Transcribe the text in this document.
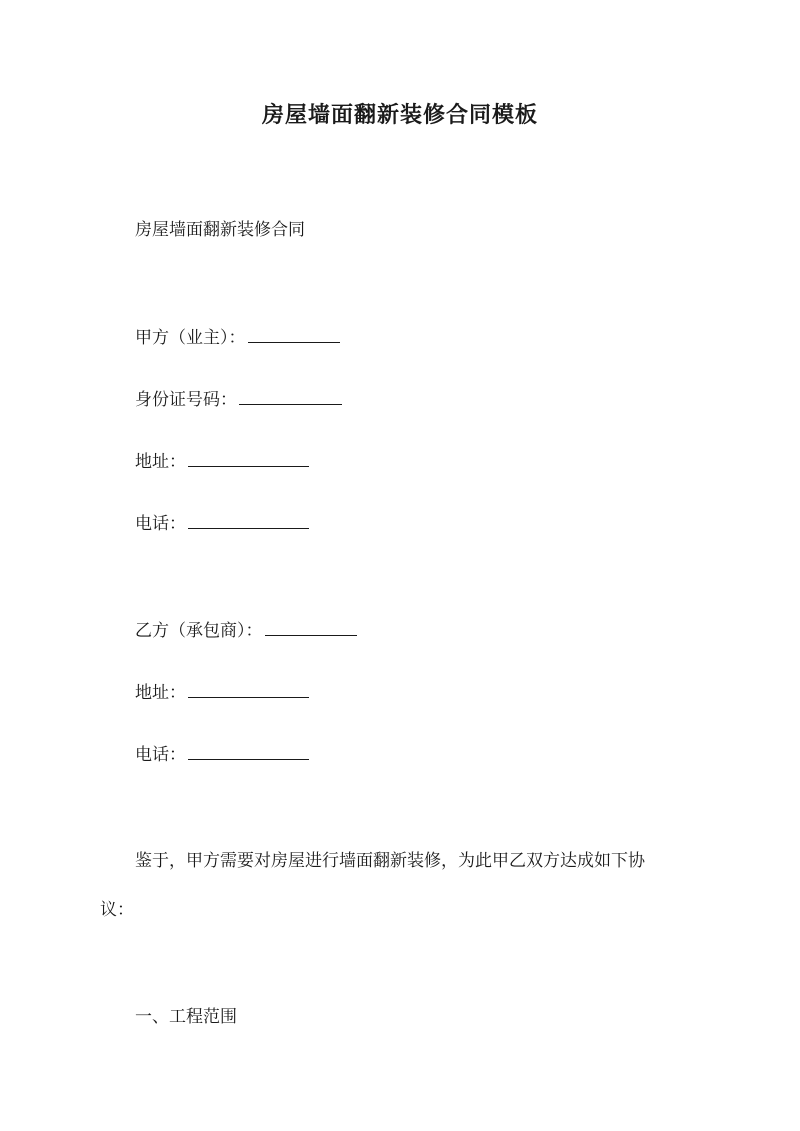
房屋墙面翻新装修合同模板
房屋墙面翻新装修合同
甲方（业主）：
身份证号码：
地址：
电话：
乙方（承包商）：
地址：
电话：
鉴于，甲方需要对房屋进行墙面翻新装修，为此甲乙双方达成如下协
议：
一、工程范围
